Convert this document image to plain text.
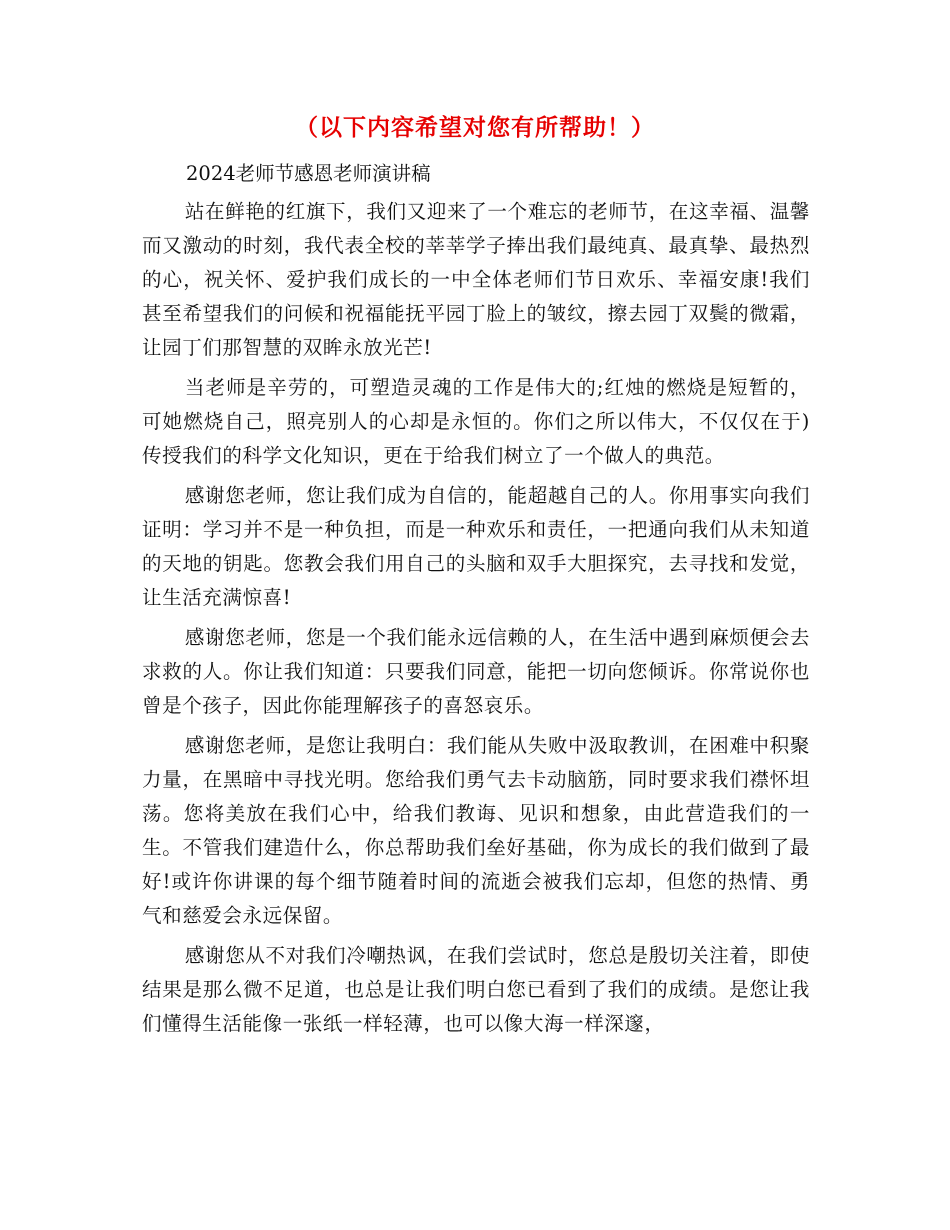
（以下内容希望对您有所帮助！）
2024老师节感恩老师演讲稿

站在鲜艳的红旗下，我们又迎来了一个难忘的老师节，在这幸福、温馨而又激动的时刻，我代表全校的莘莘学子捧出我们最纯真、最真挚、最热烈的心，祝关怀、爱护我们成长的一中全体老师们节日欢乐、幸福安康!我们甚至希望我们的问候和祝福能抚平园丁脸上的皱纹，擦去园丁双鬓的微霜，让园丁们那智慧的双眸永放光芒!

当老师是辛劳的，可塑造灵魂的工作是伟大的;红烛的燃烧是短暂的，可她燃烧自己，照亮别人的心却是永恒的。你们之所以伟大，不仅仅在于)传授我们的科学文化知识，更在于给我们树立了一个做人的典范。

感谢您老师，您让我们成为自信的，能超越自己的人。你用事实向我们证明：学习并不是一种负担，而是一种欢乐和责任，一把通向我们从未知道的天地的钥匙。您教会我们用自己的头脑和双手大胆探究，去寻找和发觉，让生活充满惊喜!

感谢您老师，您是一个我们能永远信赖的人，在生活中遇到麻烦便会去求救的人。你让我们知道：只要我们同意，能把一切向您倾诉。你常说你也曾是个孩子，因此你能理解孩子的喜怒哀乐。

感谢您老师，是您让我明白：我们能从失败中汲取教训，在困难中积聚力量，在黑暗中寻找光明。您给我们勇气去卡动脑筋，同时要求我们襟怀坦荡。您将美放在我们心中，给我们教诲、见识和想象，由此营造我们的一生。不管我们建造什么，你总帮助我们垒好基础，你为成长的我们做到了最好!或许你讲课的每个细节随着时间的流逝会被我们忘却，但您的热情、勇气和慈爱会永远保留。

感谢您从不对我们冷嘲热讽，在我们尝试时，您总是殷切关注着，即使结果是那么微不足道，也总是让我们明白您已看到了我们的成绩。是您让我们懂得生活能像一张纸一样轻薄，也可以像大海一样深邃，
